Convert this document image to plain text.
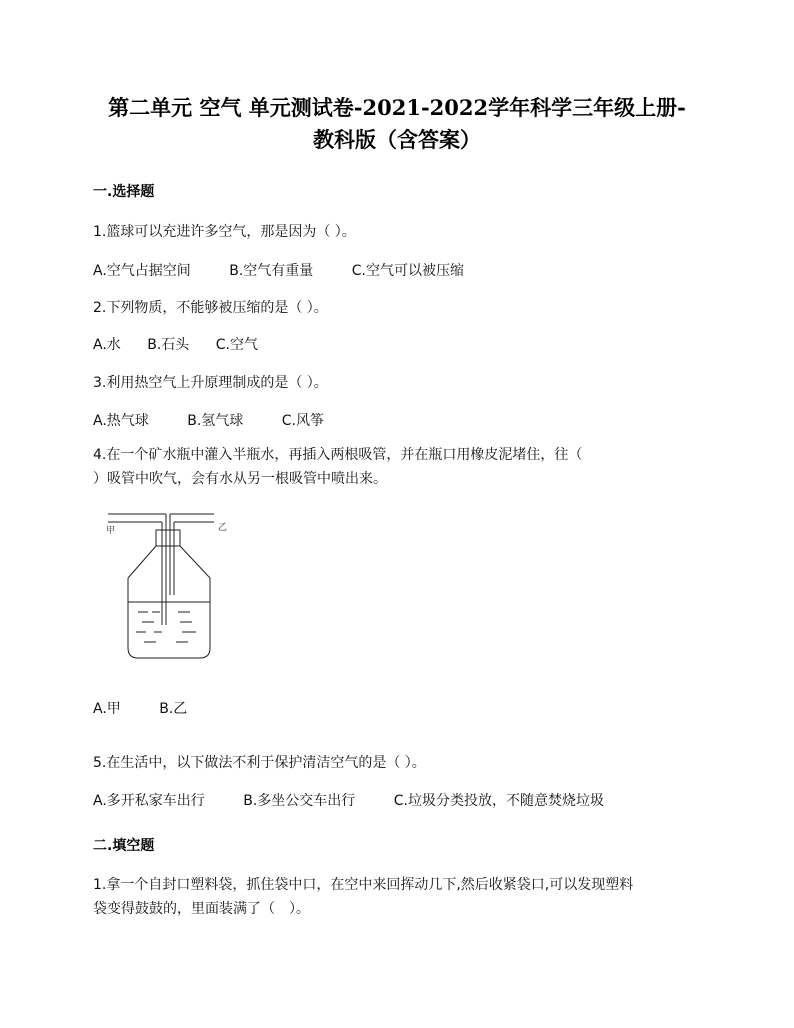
第二单元 空气 单元测试卷-2021-2022学年科学三年级上册-
教科版（含答案）
一.选择题
1.篮球可以充进许多空气，那是因为（ ）。
A.空气占据空间	B.空气有重量	C.空气可以被压缩
2.下列物质，不能够被压缩的是（ ）。
A.水 B.石头 C.空气
3.利用热空气上升原理制成的是（ ）。
A.热气球	B.氢气球	C.风筝
4.在一个矿水瓶中灌入半瓶水，再插入两根吸管，并在瓶口用橡皮泥堵住，往（
）吸管中吹气，会有水从另一根吸管中喷出来。
甲	乙
A.甲	B.乙
5.在生活中，以下做法不利于保护清洁空气的是（ ）。
A.多开私家车出行	B.多坐公交车出行	C.垃圾分类投放，不随意焚烧垃圾
二.填空题
1.拿一个自封口塑料袋，抓住袋中口，在空中来回挥动几下,然后收紧袋口,可以发现塑料
袋变得鼓鼓的，里面装满了（　）。
